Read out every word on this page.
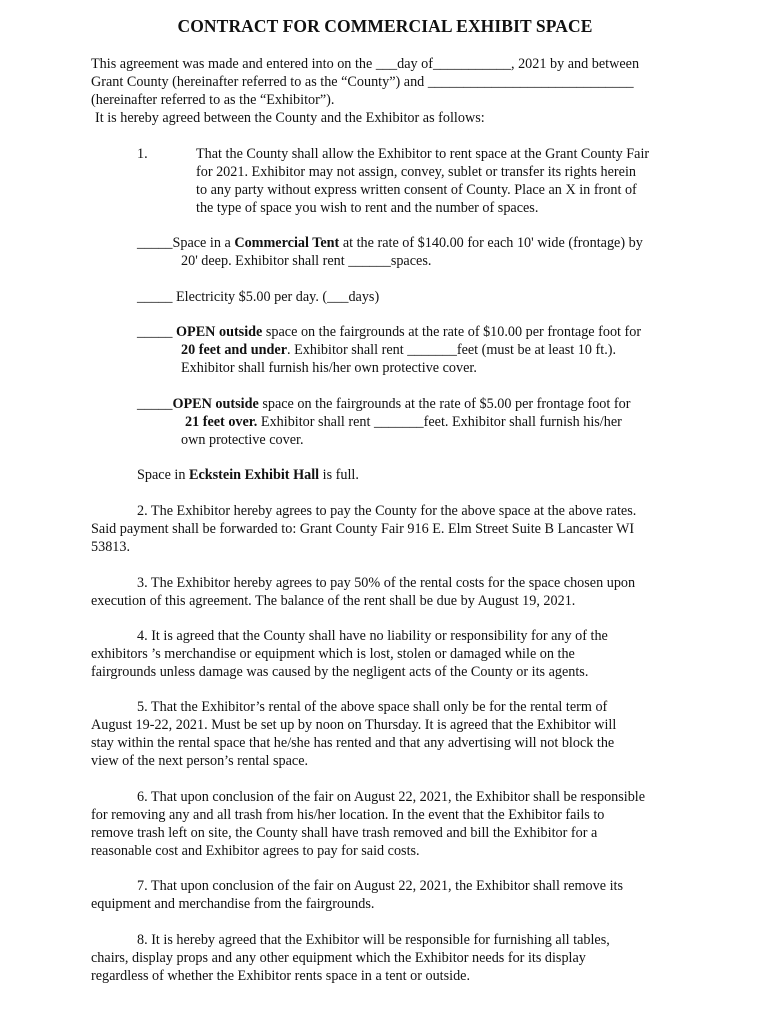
CONTRACT FOR COMMERCIAL EXHIBIT SPACE
This agreement was made and entered into on the ___day of___________, 2021 by and between
Grant County (hereinafter referred to as the “County”) and _____________________________
(hereinafter referred to as the “Exhibitor”).
It is hereby agreed between the County and the Exhibitor as follows:
1.	That the County shall allow the Exhibitor to rent space at the Grant County Fair
for 2021. Exhibitor may not assign, convey, sublet or transfer its rights herein
to any party without express written consent of County. Place an X in front of
the type of space you wish to rent and the number of spaces.
_____Space in a Commercial Tent at the rate of $140.00 for each 10' wide (frontage) by
20' deep. Exhibitor shall rent ______spaces.
_____ Electricity $5.00 per day. (___days)
_____ OPEN outside space on the fairgrounds at the rate of $10.00 per frontage foot for
20 feet and under. Exhibitor shall rent _______feet (must be at least 10 ft.).
Exhibitor shall furnish his/her own protective cover.
_____OPEN outside space on the fairgrounds at the rate of $5.00 per frontage foot for
21 feet over. Exhibitor shall rent _______feet. Exhibitor shall furnish his/her
own protective cover.
Space in Eckstein Exhibit Hall is full.
2. The Exhibitor hereby agrees to pay the County for the above space at the above rates.
Said payment shall be forwarded to: Grant County Fair 916 E. Elm Street Suite B Lancaster WI
53813.
3. The Exhibitor hereby agrees to pay 50% of the rental costs for the space chosen upon
execution of this agreement. The balance of the rent shall be due by August 19, 2021.
4. It is agreed that the County shall have no liability or responsibility for any of the
exhibitors ’s merchandise or equipment which is lost, stolen or damaged while on the
fairgrounds unless damage was caused by the negligent acts of the County or its agents.
5. That the Exhibitor’s rental of the above space shall only be for the rental term of
August 19-22, 2021. Must be set up by noon on Thursday. It is agreed that the Exhibitor will
stay within the rental space that he/she has rented and that any advertising will not block the
view of the next person’s rental space.
6. That upon conclusion of the fair on August 22, 2021, the Exhibitor shall be responsible
for removing any and all trash from his/her location. In the event that the Exhibitor fails to
remove trash left on site, the County shall have trash removed and bill the Exhibitor for a
reasonable cost and Exhibitor agrees to pay for said costs.
7. That upon conclusion of the fair on August 22, 2021, the Exhibitor shall remove its
equipment and merchandise from the fairgrounds.
8. It is hereby agreed that the Exhibitor will be responsible for furnishing all tables,
chairs, display props and any other equipment which the Exhibitor needs for its display
regardless of whether the Exhibitor rents space in a tent or outside.
